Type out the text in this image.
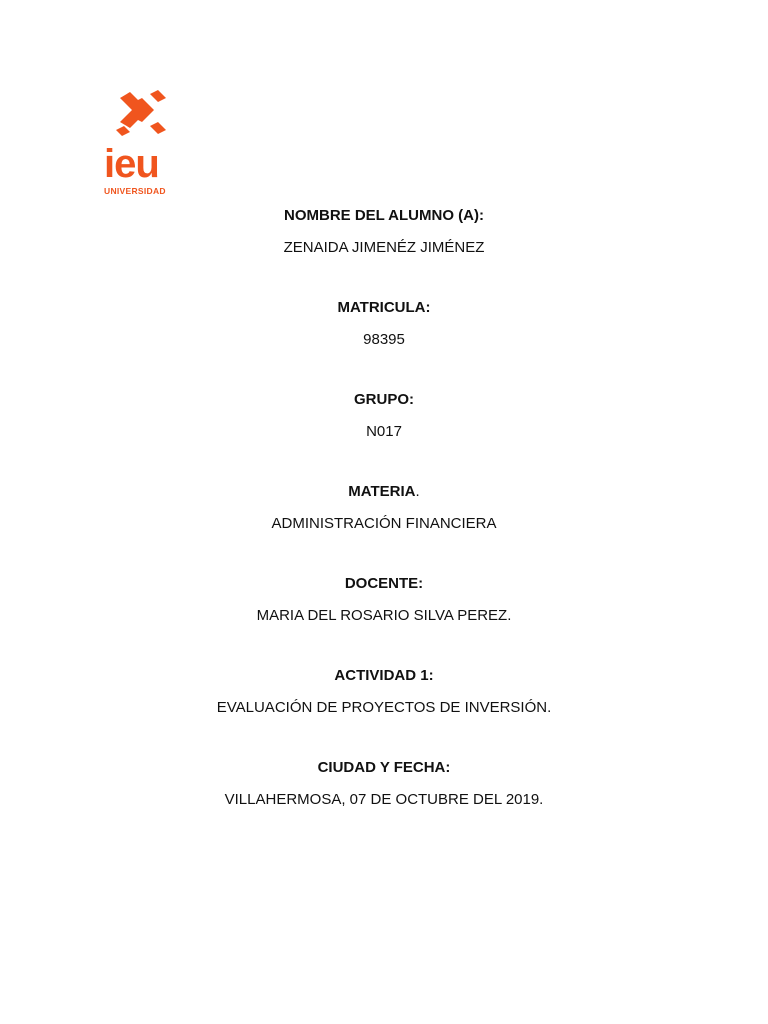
ieu
UNIVERSIDAD
NOMBRE DEL ALUMNO (A):
ZENAIDA JIMENÉZ JIMÉNEZ
MATRICULA:
98395
GRUPO:
N017
MATERIA.
ADMINISTRACIÓN FINANCIERA
DOCENTE:
MARIA DEL ROSARIO SILVA PEREZ.
ACTIVIDAD 1:
EVALUACIÓN DE PROYECTOS DE INVERSIÓN.
CIUDAD Y FECHA:
VILLAHERMOSA, 07 DE OCTUBRE DEL 2019.
